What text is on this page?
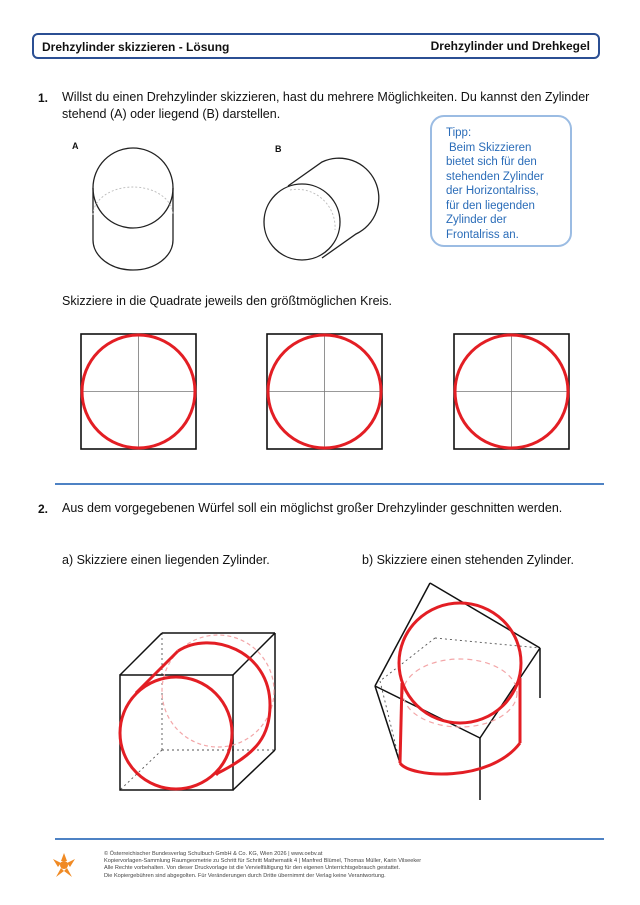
Drehzylinder skizzieren - Lösung	Drehzylinder und Drehkegel
1. Willst du einen Drehzylinder skizzieren, hast du mehrere Möglichkeiten. Du kannst den Zylinder
stehend (A) oder liegend (B) darstellen.
A	B
Tipp:
Beim Skizzieren
bietet sich für den
stehenden Zylinder
der Horizontalriss,
für den liegenden
Zylinder der
Frontalriss an.
Skizziere in die Quadrate jeweils den größtmöglichen Kreis.
2. Aus dem vorgegebenen Würfel soll ein möglichst großer Drehzylinder geschnitten werden.
a) Skizziere einen liegenden Zylinder.	b) Skizziere einen stehenden Zylinder.
© Österreichischer Bundesverlag Schulbuch GmbH & Co. KG, Wien 2026 | www.oebv.at
Kopiervorlagen-Sammlung Raumgeometrie zu Schritt für Schritt Mathematik 4 | Manfred Blümel, Thomas Müller, Karin Vilseeker
Alle Rechte vorbehalten. Von dieser Druckvorlage ist die Vervielfältigung für den eigenen Unterrichtsgebrauch gestattet.
Die Kopiergebühren sind abgegolten. Für Veränderungen durch Dritte übernimmt der Verlag keine Verantwortung.
